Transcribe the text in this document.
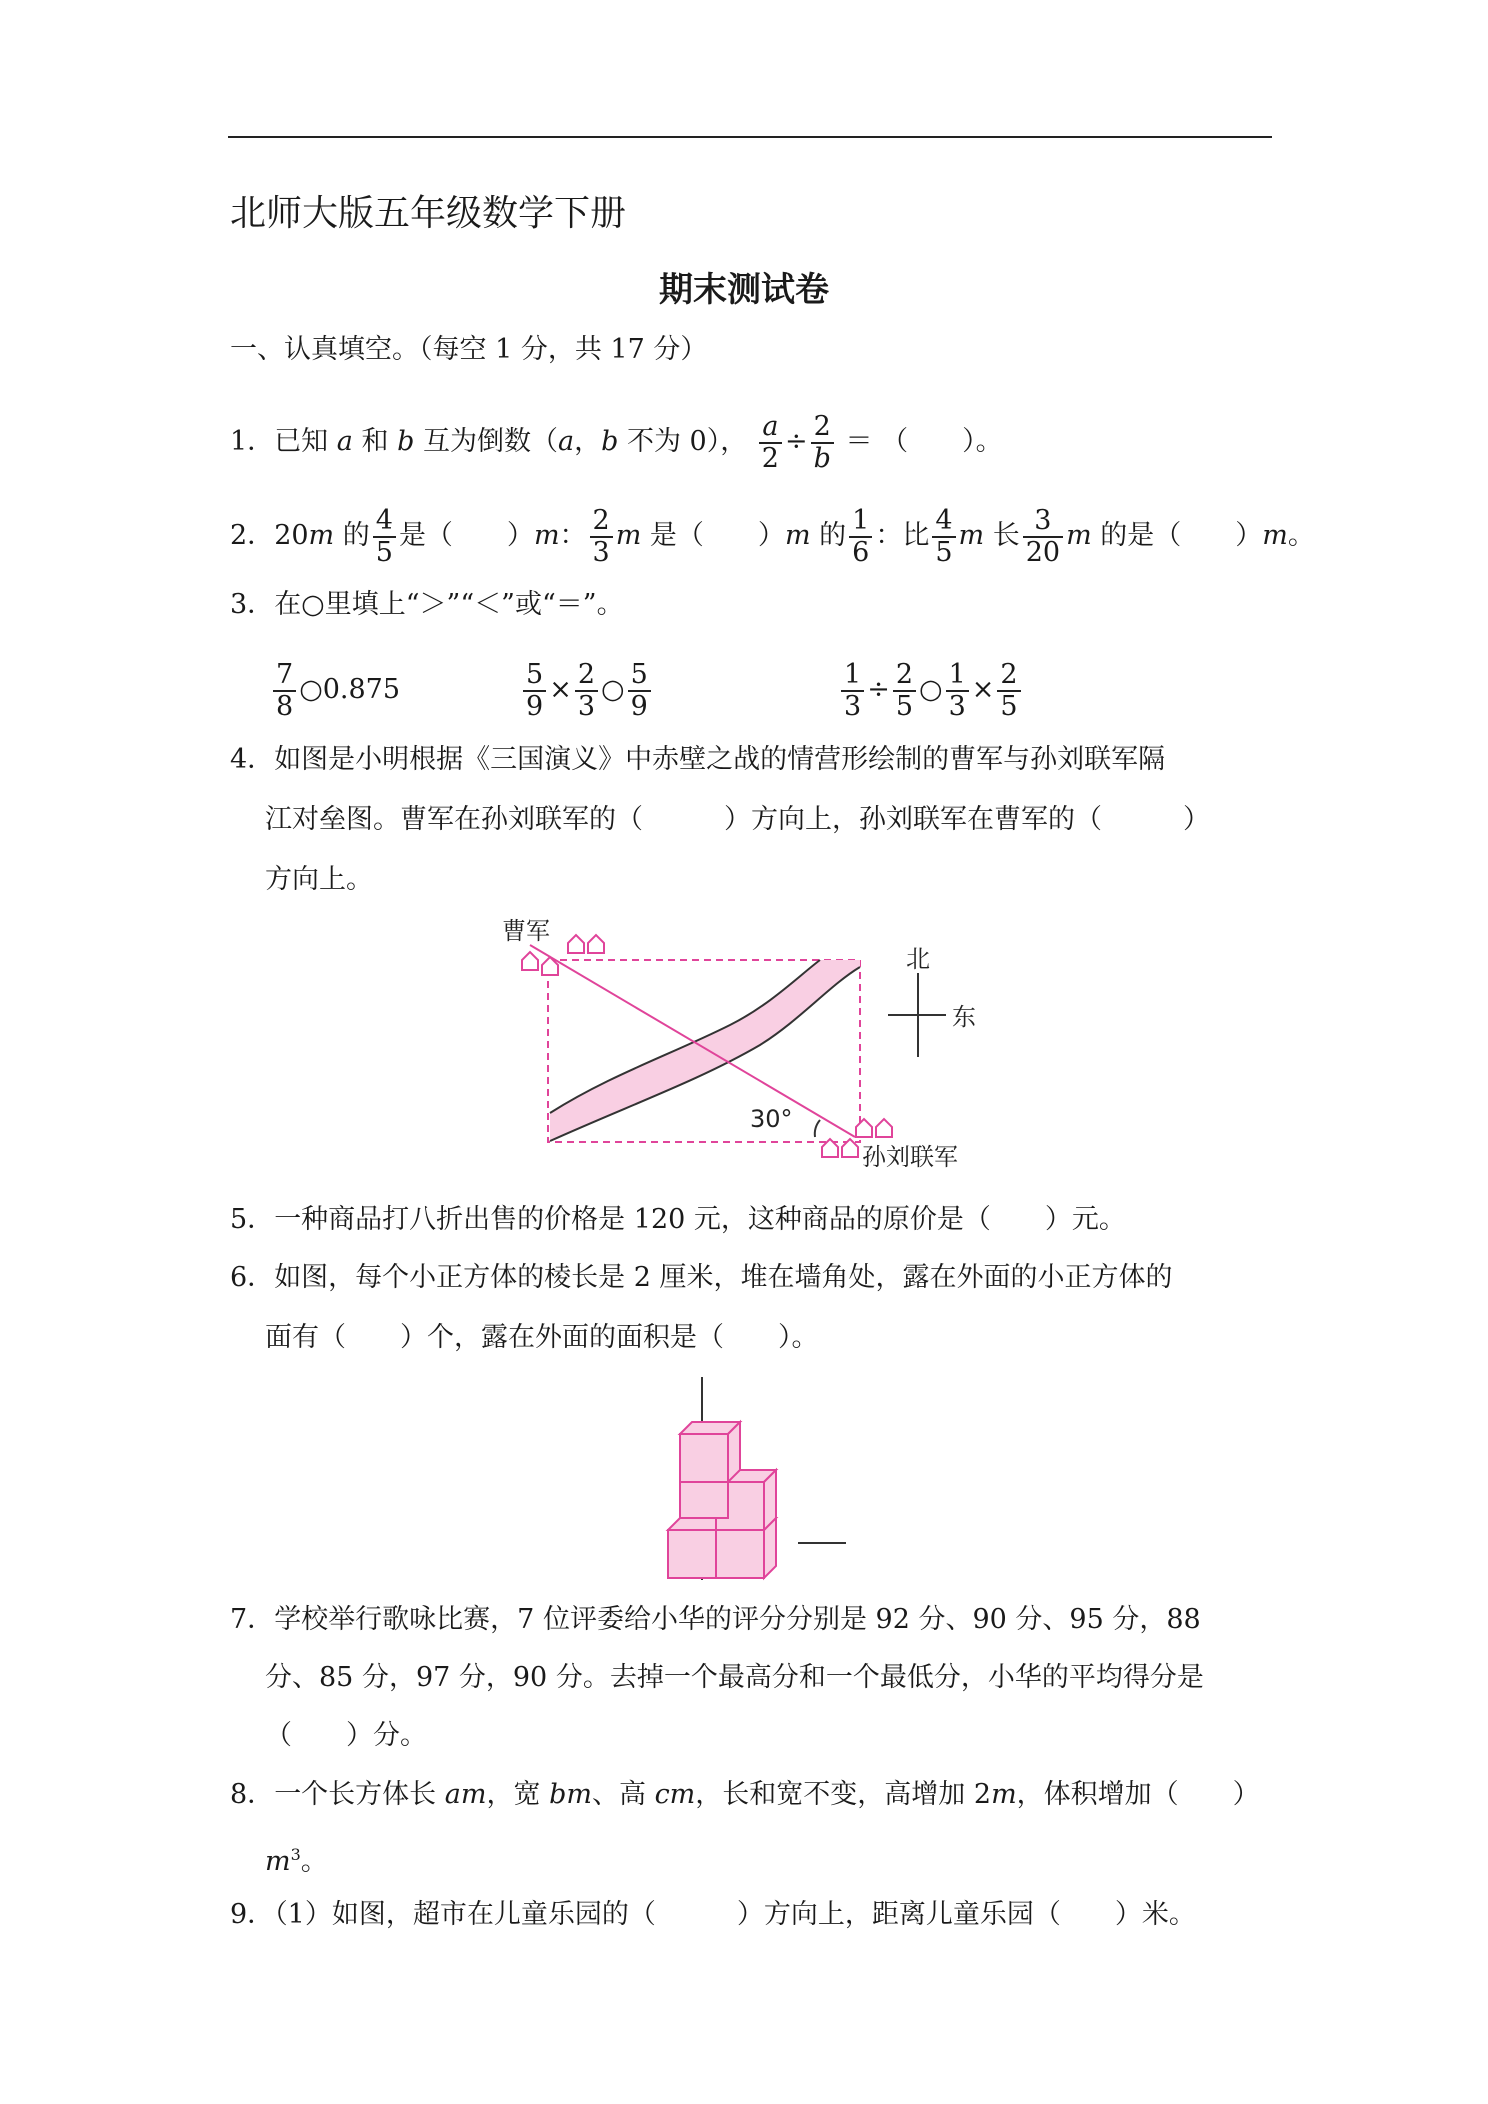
北师大版五年级数学下册
期末测试卷
一、认真填空。（每空 1 分，共 17 分）
1．已知 a 和 b 互为倒数（a，b 不为 0）， $\frac{a}{2} \div \frac{2}{b}$ ＝ （　　）。
2．20m 的 $\frac{4}{5}$ 是（　　）m： $\frac{2}{3}$ m 是（　　）m 的 $\frac{1}{6}$ ：比 $\frac{4}{5}$ m 长 $\frac{3}{20}$ m 的是（　　）m。
3．在○里填上“＞”“＜”或“＝”。
$\frac{7}{8}$ ○0.875	$\frac{5}{9} \times \frac{2}{3}$ ○ $\frac{5}{9}$	$\frac{1}{3} \div \frac{2}{5}$ ○ $\frac{1}{3} \times \frac{2}{5}$
4．如图是小明根据《三国演义》中赤壁之战的情营形绘制的曹军与孙刘联军隔
江对垒图。曹军在孙刘联军的（　　　）方向上，孙刘联军在曹军的（　　　）
方向上。
30°
曹军
孙刘联军
北
东
5．一种商品打八折出售的价格是 120 元，这种商品的原价是（　　）元。
6．如图，每个小正方体的棱长是 2 厘米，堆在墙角处，露在外面的小正方体的
面有（　　）个，露在外面的面积是（　　）。
7．学校举行歌咏比赛，7 位评委给小华的评分分别是 92 分、90 分、95 分，88
分、85 分，97 分，90 分。去掉一个最高分和一个最低分，小华的平均得分是
（　　）分。
8．一个长方体长 am，宽 bm、高 cm，长和宽不变，高增加 2m，体积增加（　　）
$m^3$。
9．（1）如图，超市在儿童乐园的（　　　）方向上，距离儿童乐园（　　）米。
